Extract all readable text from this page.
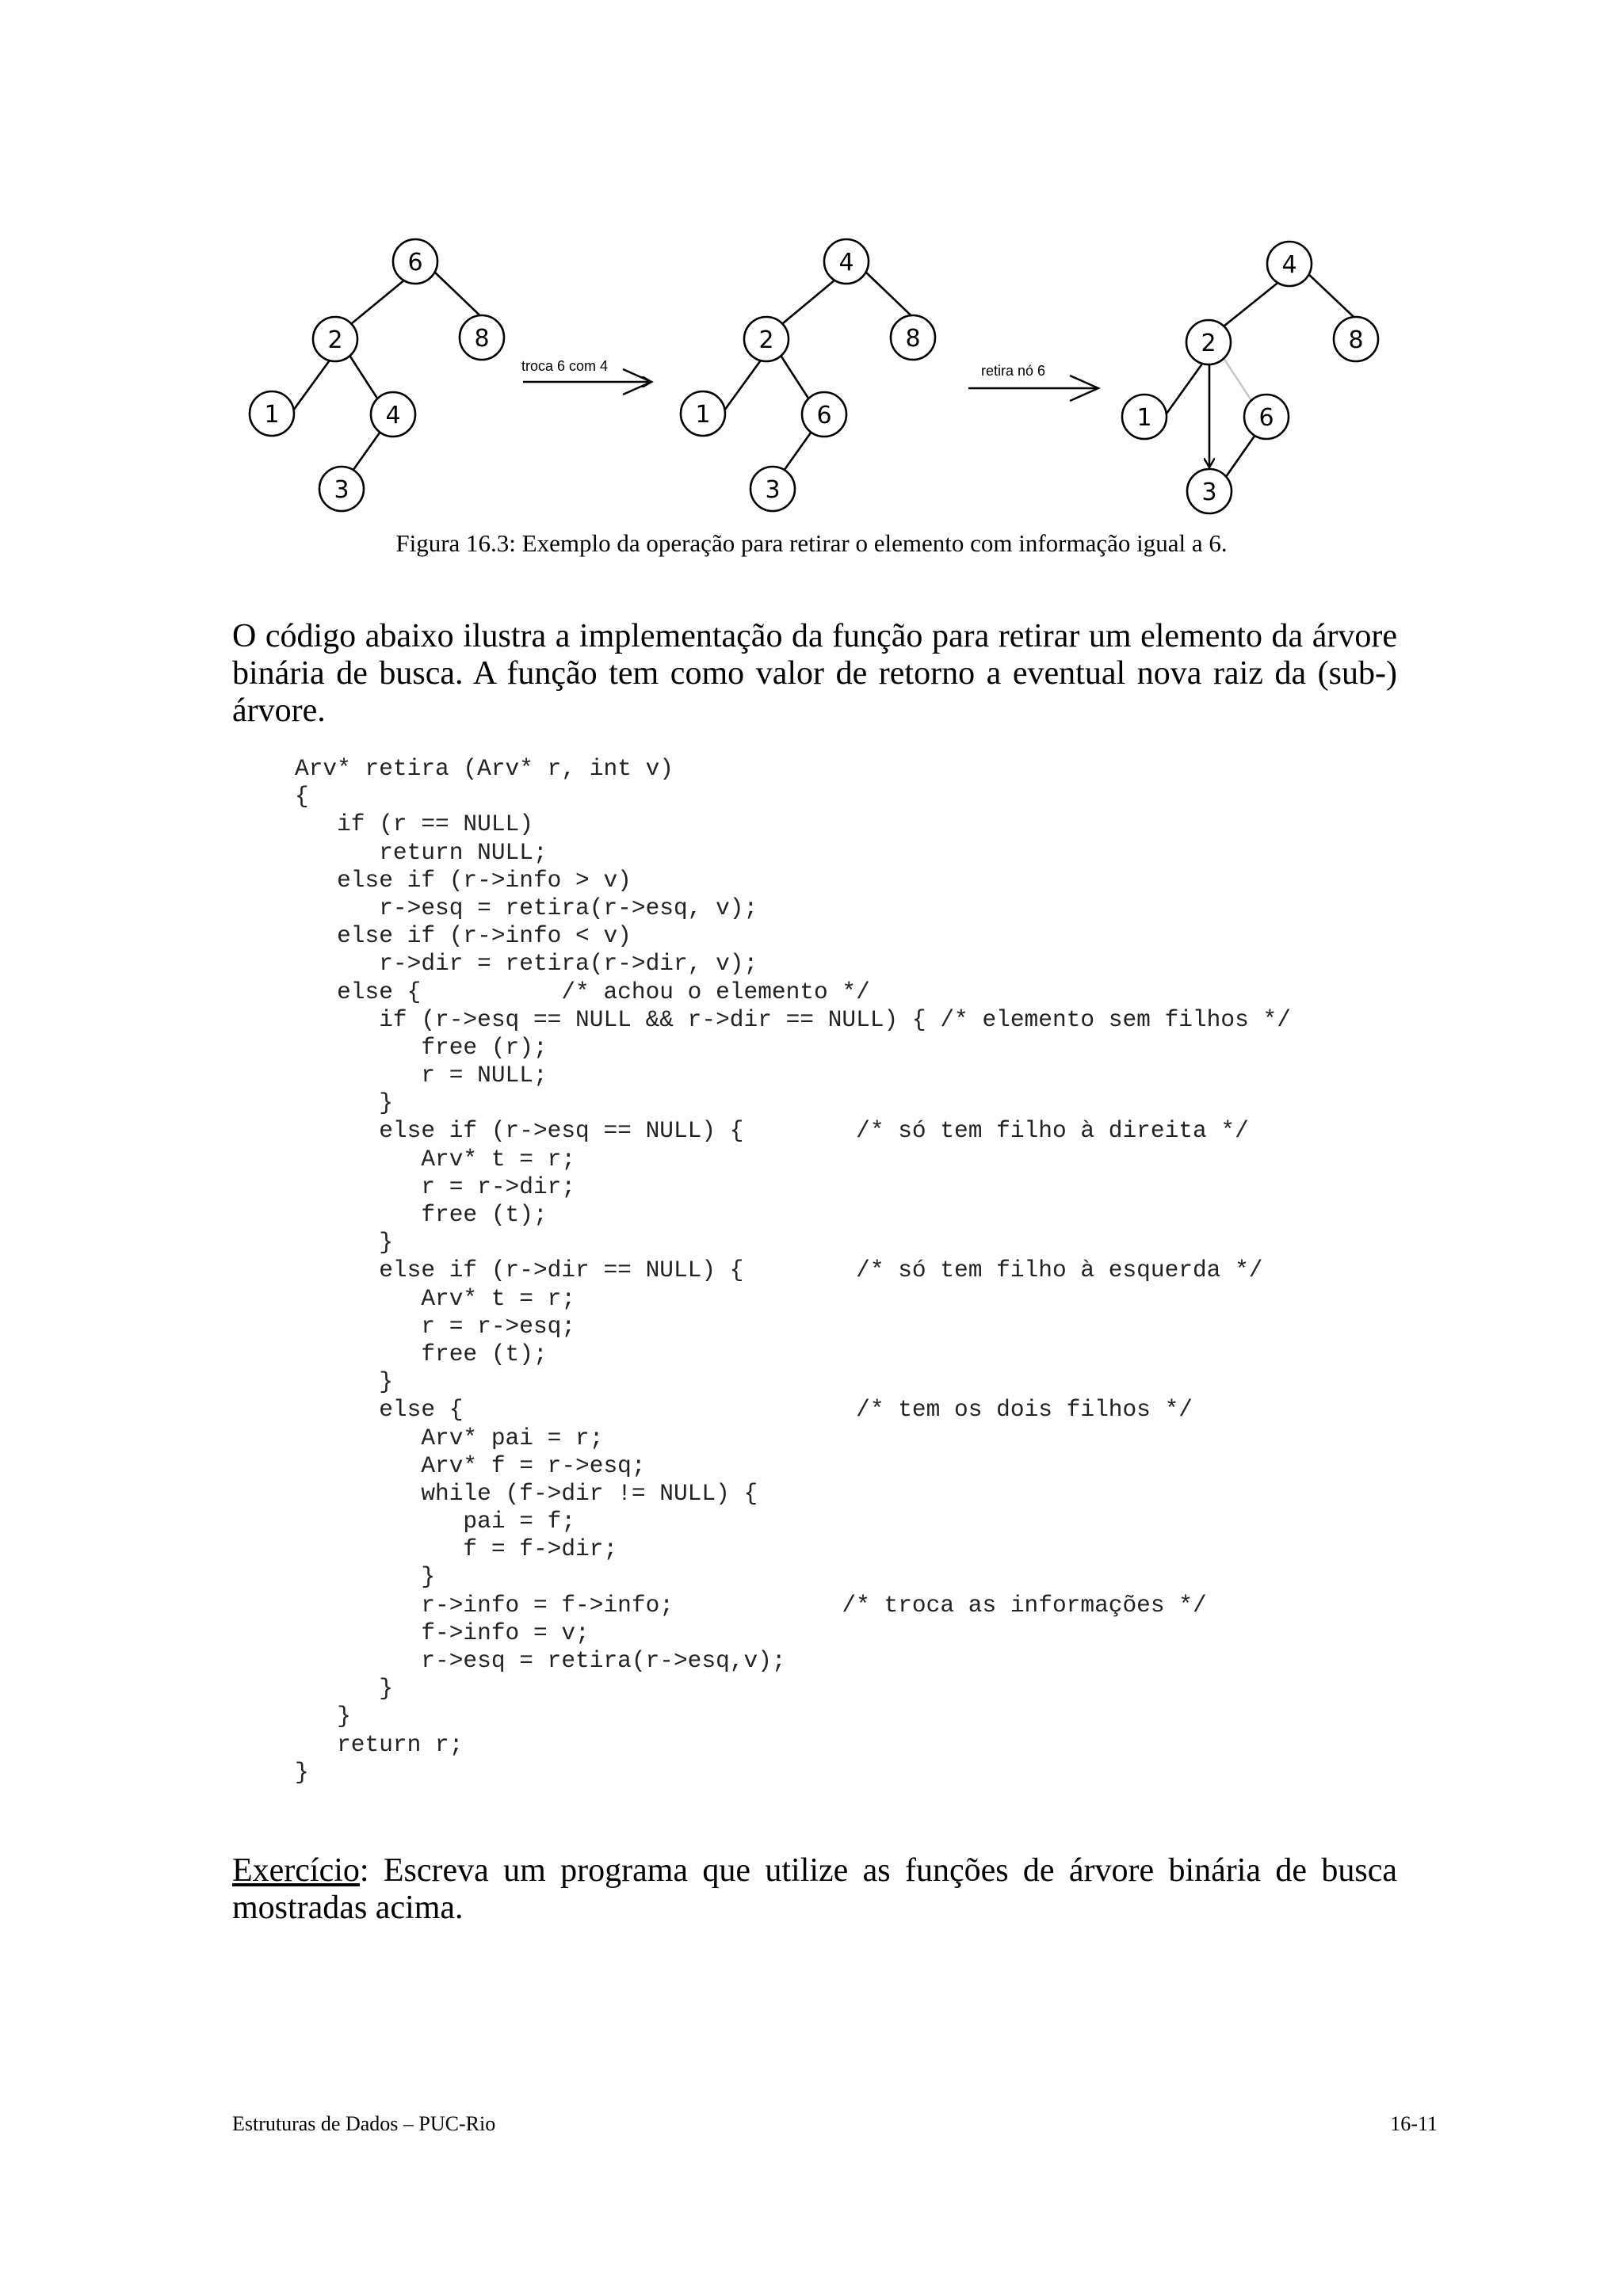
6
2	8
1	4
3
troca 6 com 4
4
2	8
1	6
3
retira nó 6
4
2	8
1	6
3
Figura 16.3: Exemplo da operação para retirar o elemento com informação igual a 6.
O código abaixo ilustra a implementação da função para retirar um elemento da árvore
binária de busca. A função tem como valor de retorno a eventual nova raiz da (sub-)
árvore.
Arv* retira (Arv* r, int v)
{
if (r == NULL)
return NULL;
else if (r->info > v)
r->esq = retira(r->esq, v);
else if (r->info < v)
r->dir = retira(r->dir, v);
else {          /* achou o elemento */
if (r->esq == NULL && r->dir == NULL) { /* elemento sem filhos */
free (r);
r = NULL;
}
else if (r->esq == NULL) {        /* só tem filho à direita */
Arv* t = r;
r = r->dir;
free (t);
}
else if (r->dir == NULL) {        /* só tem filho à esquerda */
Arv* t = r;
r = r->esq;
free (t);
}
else {                            /* tem os dois filhos */
Arv* pai = r;
Arv* f = r->esq;
while (f->dir != NULL) {
pai = f;
f = f->dir;
}
r->info = f->info;            /* troca as informações */
f->info = v;
r->esq = retira(r->esq,v);
}
}
return r;
}
Exercício: Escreva um programa que utilize as funções de árvore binária de busca
mostradas acima.
Estruturas de Dados – PUC-Rio	16-11
